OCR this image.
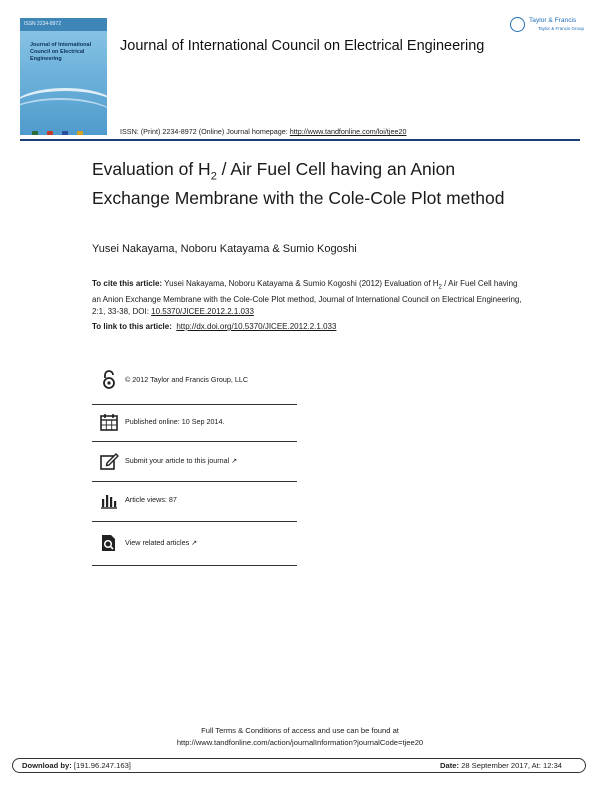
ISSN 2234-8972
Journal of International Council on Electrical Engineering
Taylor & Francis
Taylor & Francis Group
Journal of International Council on Electrical Engineering
ISSN: (Print) 2234-8972 (Online) Journal homepage: http://www.tandfonline.com/loi/tjee20
Evaluation of $H_2$ / Air Fuel Cell having an Anion Exchange Membrane with the Cole-Cole Plot method
Yusei Nakayama, Noboru Katayama & Sumio Kogoshi
To cite this article: Yusei Nakayama, Noboru Katayama & Sumio Kogoshi (2012) Evaluation of $H_2$ / Air Fuel Cell having an Anion Exchange Membrane with the Cole-Cole Plot method, Journal of International Council on Electrical Engineering, 2:1, 33-38, DOI: 10.5370/JICEE.2012.2.1.033
To link to this article: http://dx.doi.org/10.5370/JICEE.2012.2.1.033
© 2012 Taylor and Francis Group, LLC
Published online: 10 Sep 2014.
Submit your article to this journal ↗
Article views: 87
View related articles ↗
Full Terms & Conditions of access and use can be found at
http://www.tandfonline.com/action/journalInformation?journalCode=tjee20
Download by: [191.96.247.163]	Date: 28 September 2017, At: 12:34
